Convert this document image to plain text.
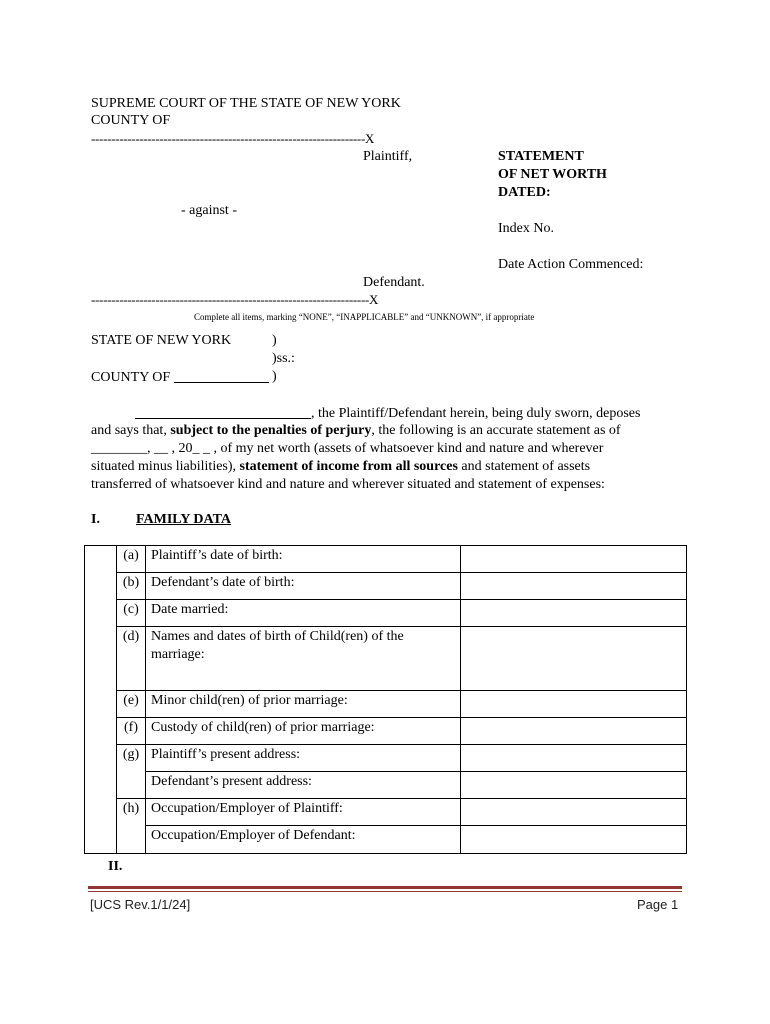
SUPREME COURT OF THE STATE OF NEW YORK
COUNTY OF
--------------------------------------------------------------------X
Plaintiff,	STATEMENT
OF NET WORTH
DATED:
- against -
Index No.
Date Action Commenced:
Defendant.
---------------------------------------------------------------------X
Complete all items, marking “NONE”, “INAPPLICABLE” and “UNKNOWN”, if appropriate
STATE OF NEW YORK
COUNTY OF
)
)ss.:
)
, the Plaintiff/Defendant herein, being duly sworn, deposes
and says that, subject to the penalties of perjury, the following is an accurate statement as of
________, __ , 20_ _ , of my net worth (assets of whatsoever kind and nature and wherever
situated minus liabilities), statement of income from all sources and statement of assets
transferred of whatsoever kind and nature and wherever situated and statement of expenses:
I.	FAMILY DATA
	(a)	Plaintiff’s date of birth:	
	(b)	Defendant’s date of birth:	
	(c)	Date married:	
	(d)	Names and dates of birth of Child(ren) of the marriage:	
	(e)	Minor child(ren) of prior marriage:	
	(f)	Custody of child(ren) of prior marriage:	
	(g)	Plaintiff’s present address:	
		Defendant’s present address:	
	(h)	Occupation/Employer of Plaintiff:	
		Occupation/Employer of Defendant:	
II.
[UCS Rev.1/1/24]	Page 1
